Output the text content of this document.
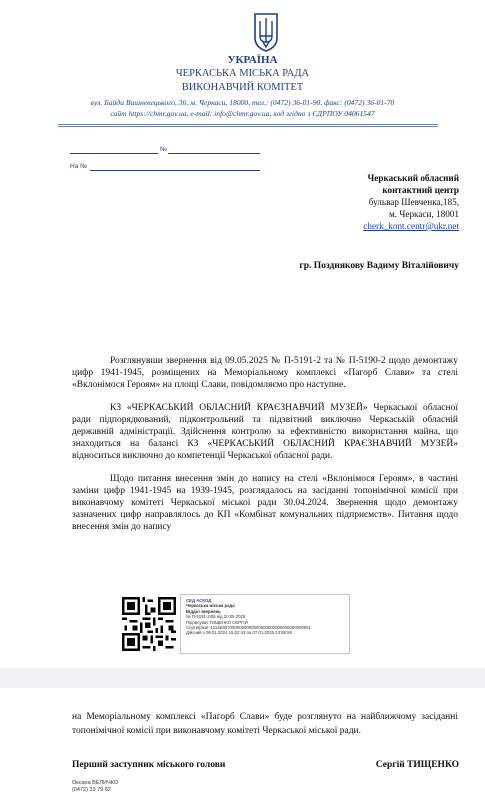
УКРАЇНА
ЧЕРКАСЬКА МІСЬКА РАДА
ВИКОНАВЧИЙ КОМІТЕТ
вул. Байди Вишневецького, 36, м. Черкаси, 18000, тел.: (0472) 36-01-90, факс: (0472) 36-01-70
сайт https://chmr.gov.ua, e-mail: info@chmr.gov.ua, код згідно з ЄДРПОУ 04061547
№
На №
Черкаський обласний
контактний центр
бульвар Шевченка,185,
м. Черкаси, 18001
cherk_kont.centr@ukr.net
гр. Позднякову Вадиму Віталійовичу

Розглянувши звернення від 09.05.2025 № П-5191-2 та № П-5190-2 щодо демонтажу цифр 1941-1945, розміщених на Меморіальному комплексі «Пагорб Слави» та стелі «Вклонімося Героям» на площі Слави, повідомляємо про наступне.

КЗ «ЧЕРКАСЬКИЙ ОБЛАСНИЙ КРАЄЗНАВЧИЙ МУЗЕЙ» Черкаської обласної ради підпорядкований, підконтрольний та підзвітний виключно Черкаській обласній державній адміністрації. Здійснення контролю за ефективністю використання майна, що знаходиться на балансі КЗ «ЧЕРКАСЬКИЙ ОБЛАСНИЙ КРАЄЗНАВЧИЙ МУЗЕЙ» відноситься виключно до компетенції Черкаської обласної ради.

Щодо питання внесення змін до напису на стелі «Вклонімося Героям», в частині заміни цифр 1941-1945 на 1939-1945, розглядалось на засіданні топонімічної комісії при виконавчому комітеті Черкаської міської ради 30.04.2024. Звернення щодо демонтажу зазначених цифр направлялось до КП «Комбінат комунальних підприємств». Питання щодо внесення змін до напису

СЕД АСКОД
Черкаська міська рада
Відділ звернень
№ П-5191-2/06 від 20.05.2025
Підписувач ТИЩЕНКО СЕРГІЙ
Сертифікат 4314E9070000000000000000000000000000000001
Дійсний з 08.01.2024 15:02:43 по 07.01.2026 23:59:59
на Меморіальному комплексі «Пагорб Слави» буде розглянуто на найближчому засіданні топонімічної комісії при виконавчому комітеті Черкаської міської ради.
Перший заступник міського голови	Сергій ТИЩЕНКО
Оксана ВЕЛИЧКО
(0472) 33 79 62
